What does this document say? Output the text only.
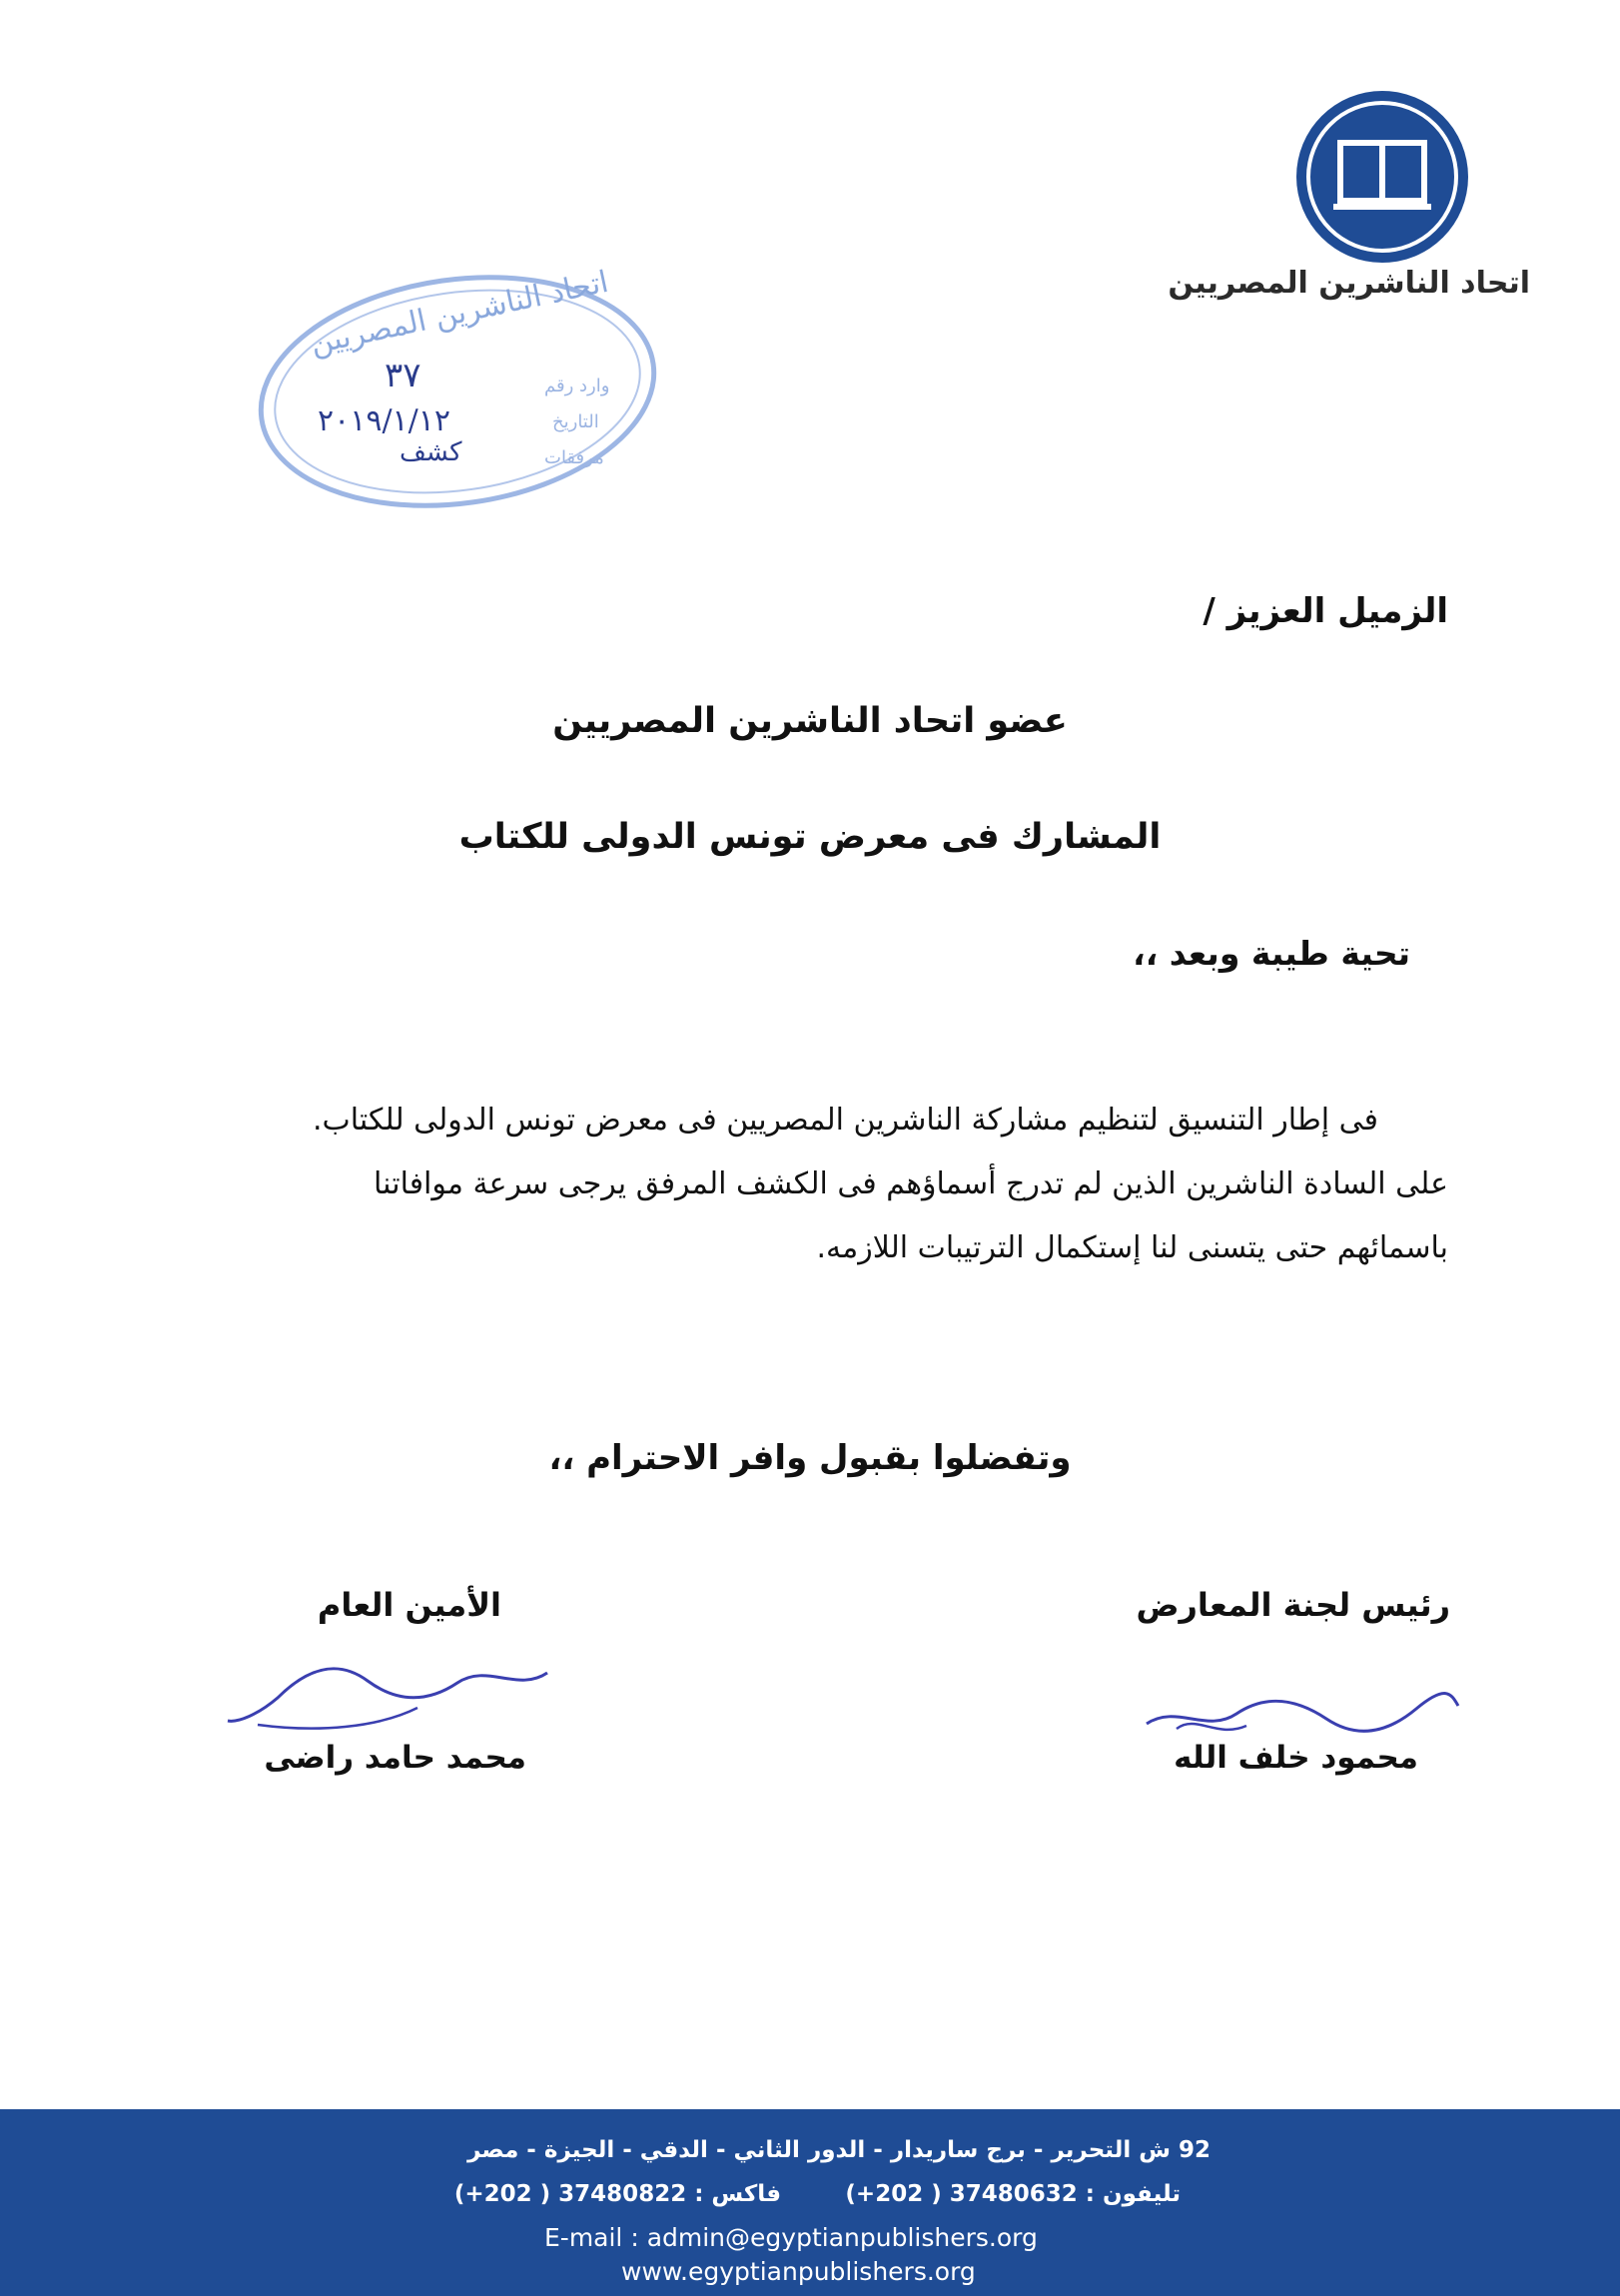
اتحاد الناشرين المصريين
اتحاد الناشرين المصريين
وارد رقم
التاريخ
مرفقات
٣٧
٢٠١٩/١/١٢
كشف
الزميل العزيز /
عضو اتحاد الناشرين المصريين
المشارك فى معرض تونس الدولى للكتاب
تحية طيبة وبعد ،،

فى إطار التنسيق لتنظيم مشاركة الناشرين المصريين فى معرض تونس الدولى للكتاب.

على السادة الناشرين الذين لم تدرج أسماؤهم فى الكشف المرفق يرجى سرعة موافاتنا

باسمائهم حتى يتسنى لنا إستكمال الترتيبات اللازمه.

وتفضلوا بقبول وافر الاحترام ،،
رئيس لجنة المعارض
الأمين العام
محمود خلف الله
محمد حامد راضى
92 ش التحرير - برج ساريدار - الدور الثاني - الدقي - الجيزة - مصر
تليفون : 37480632 ( 202+)
فاكس : 37480822 ( 202+)
E-mail : admin@egyptianpublishers.org
www.egyptianpublishers.org
